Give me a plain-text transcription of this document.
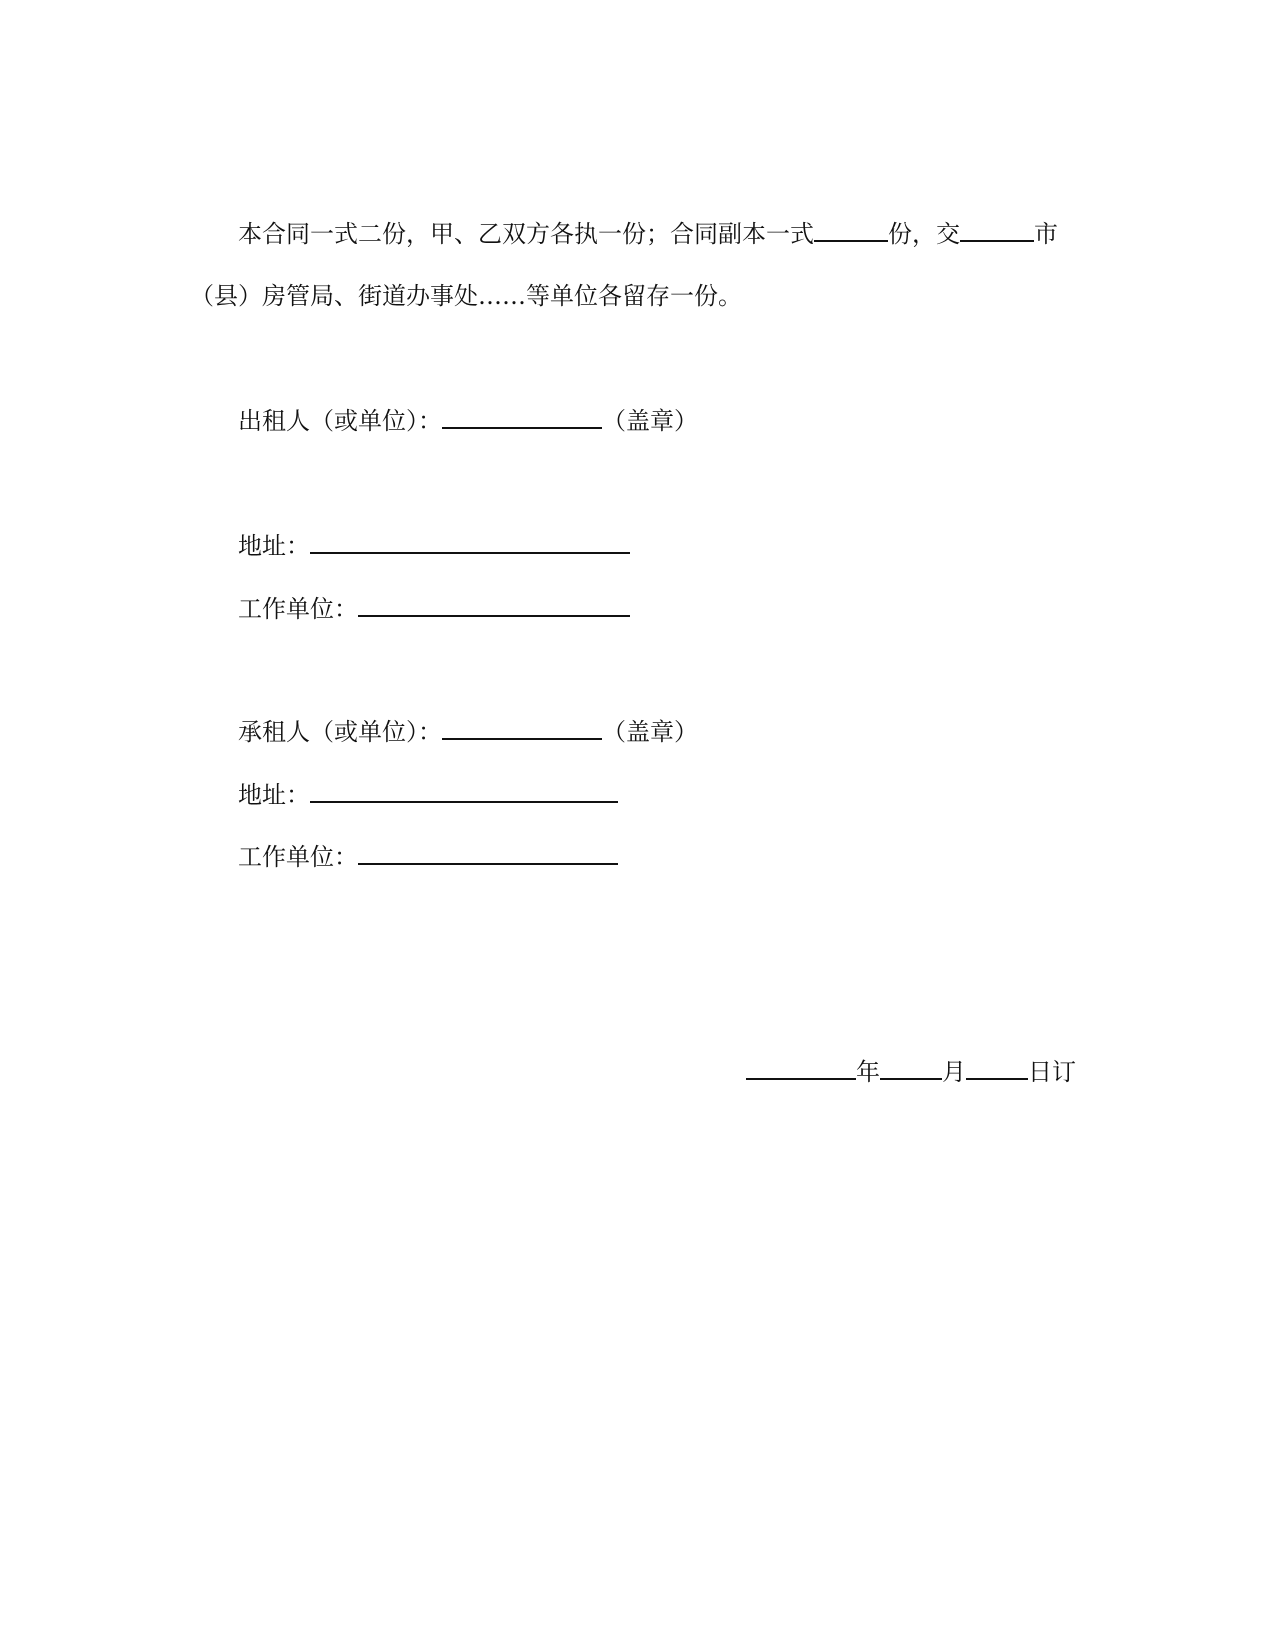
本合同一式二份，甲、乙双方各执一份；合同副本一式	份，交	市
（县）房管局、街道办事处……等单位各留存一份。
出租人（或单位）：	（盖章）
地址：
工作单位：
承租人（或单位）：	（盖章）
地址：
工作单位：
年	月	日订
